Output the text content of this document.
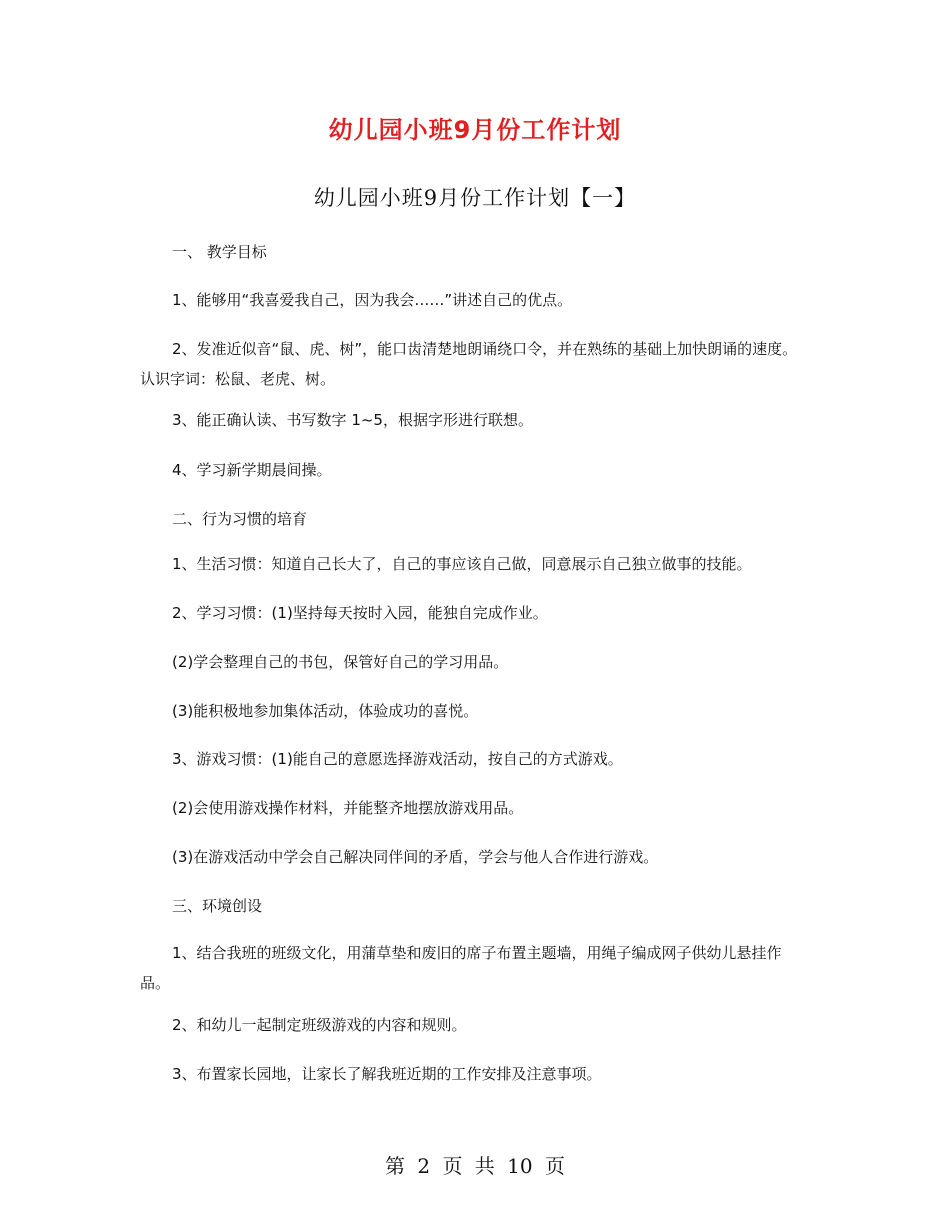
幼儿园小班9月份工作计划
幼儿园小班9月份工作计划【一】
一、 教学目标
1、能够用“我喜爱我自己，因为我会……”讲述自己的优点。
2、发准近似音“鼠、虎、树”，能口齿清楚地朗诵绕口令，并在熟练的基础上加快朗诵的速度。认识字词：松鼠、老虎、树。
3、能正确认读、书写数字 1~5，根据字形进行联想。
4、学习新学期晨间操。
二、行为习惯的培育
1、生活习惯：知道自己长大了，自己的事应该自己做，同意展示自己独立做事的技能。
2、学习习惯：(1)坚持每天按时入园，能独自完成作业。
(2)学会整理自己的书包，保管好自己的学习用品。
(3)能积极地参加集体活动，体验成功的喜悦。
3、游戏习惯：(1)能自己的意愿选择游戏活动，按自己的方式游戏。
(2)会使用游戏操作材料，并能整齐地摆放游戏用品。
(3)在游戏活动中学会自己解决同伴间的矛盾，学会与他人合作进行游戏。
三、环境创设
1、结合我班的班级文化，用蒲草垫和废旧的席子布置主题墙，用绳子编成网子供幼儿悬挂作品。
2、和幼儿一起制定班级游戏的内容和规则。
3、布置家长园地，让家长了解我班近期的工作安排及注意事项。
第 2 页 共 10 页
